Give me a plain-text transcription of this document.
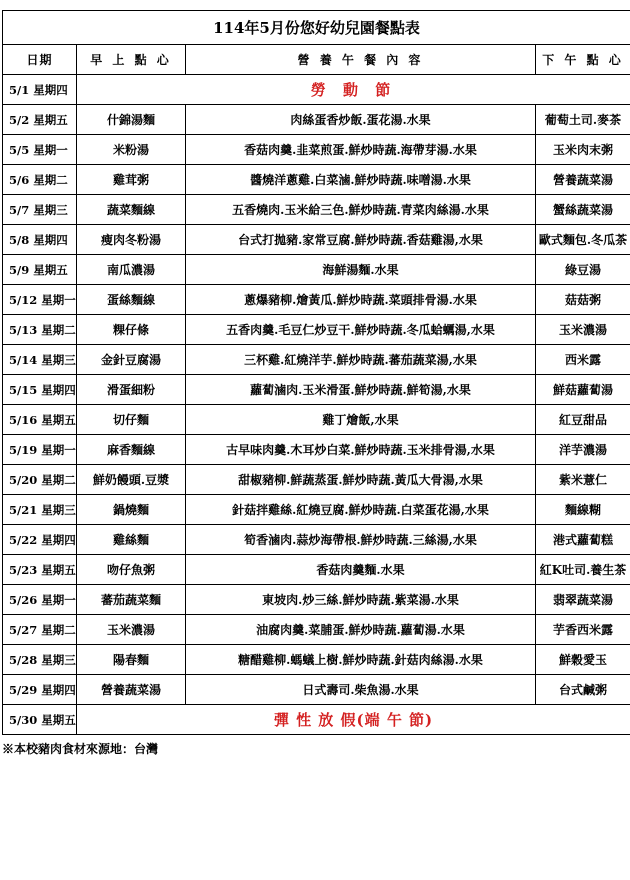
114年5月份您好幼兒園餐點表			
日期	早 上 點 心	營 養 午 餐 內 容	下 午 點 心
5/1 星期四	勞 動 節		
5/2 星期五	什錦湯麵	肉絲蛋香炒飯.蛋花湯.水果	葡萄土司.麥茶
5/5 星期一	米粉湯	香菇肉羹.韭菜煎蛋.鮮炒時蔬.海帶芽湯.水果	玉米肉末粥
5/6 星期二	雞茸粥	醬燒洋蔥雞.白菜滷.鮮炒時蔬.味噌湯.水果	營養蔬菜湯
5/7 星期三	蔬菜麵線	五香燒肉.玉米給三色.鮮炒時蔬.青菜肉絲湯.水果	蟹絲蔬菜湯
5/8 星期四	瘦肉冬粉湯	台式打拋豬.家常豆腐.鮮炒時蔬.香菇雞湯,水果	歐式麵包.冬瓜茶
5/9 星期五	南瓜濃湯	海鮮湯麵.水果	綠豆湯
5/12 星期一	蛋絲麵線	蔥爆豬柳.燴黃瓜.鮮炒時蔬.菜頭排骨湯.水果	菇菇粥
5/13 星期二	粿仔條	五香肉羹.毛豆仁炒豆干.鮮炒時蔬.冬瓜蛤蠣湯,水果	玉米濃湯
5/14 星期三	金針豆腐湯	三杯雞.紅燒洋芋.鮮炒時蔬.蕃茄蔬菜湯,水果	西米露
5/15 星期四	滑蛋細粉	蘿蔔滷肉.玉米滑蛋.鮮炒時蔬.鮮筍湯,水果	鮮菇蘿蔔湯
5/16 星期五	切仔麵	雞丁燴飯,水果	紅豆甜品
5/19 星期一	麻香麵線	古早味肉羹.木耳炒白菜.鮮炒時蔬.玉米排骨湯,水果	洋芋濃湯
5/20 星期二	鮮奶饅頭.豆漿	甜椒豬柳.鮮蔬蒸蛋.鮮炒時蔬.黃瓜大骨湯,水果	紫米薏仁
5/21 星期三	鍋燒麵	針菇拌雞絲.紅燒豆腐.鮮炒時蔬.白菜蛋花湯,水果	麵線糊
5/22 星期四	雞絲麵	筍香滷肉.蒜炒海帶根.鮮炒時蔬.三絲湯,水果	港式蘿蔔糕
5/23 星期五	吻仔魚粥	香菇肉羹麵.水果	紅K吐司.養生茶
5/26 星期一	蕃茄蔬菜麵	東坡肉.炒三絲.鮮炒時蔬.紫菜湯.水果	翡翠蔬菜湯
5/27 星期二	玉米濃湯	油腐肉羹.菜脯蛋.鮮炒時蔬.蘿蔔湯.水果	芋香西米露
5/28 星期三	陽春麵	糖醋雞柳.螞蟻上樹.鮮炒時蔬.針菇肉絲湯.水果	鮮穀愛玉
5/29 星期四	營養蔬菜湯	日式壽司.柴魚湯.水果	台式鹹粥
5/30 星期五	彈 性 放 假(端 午 節)		
※本校豬肉食材來源地：台灣
